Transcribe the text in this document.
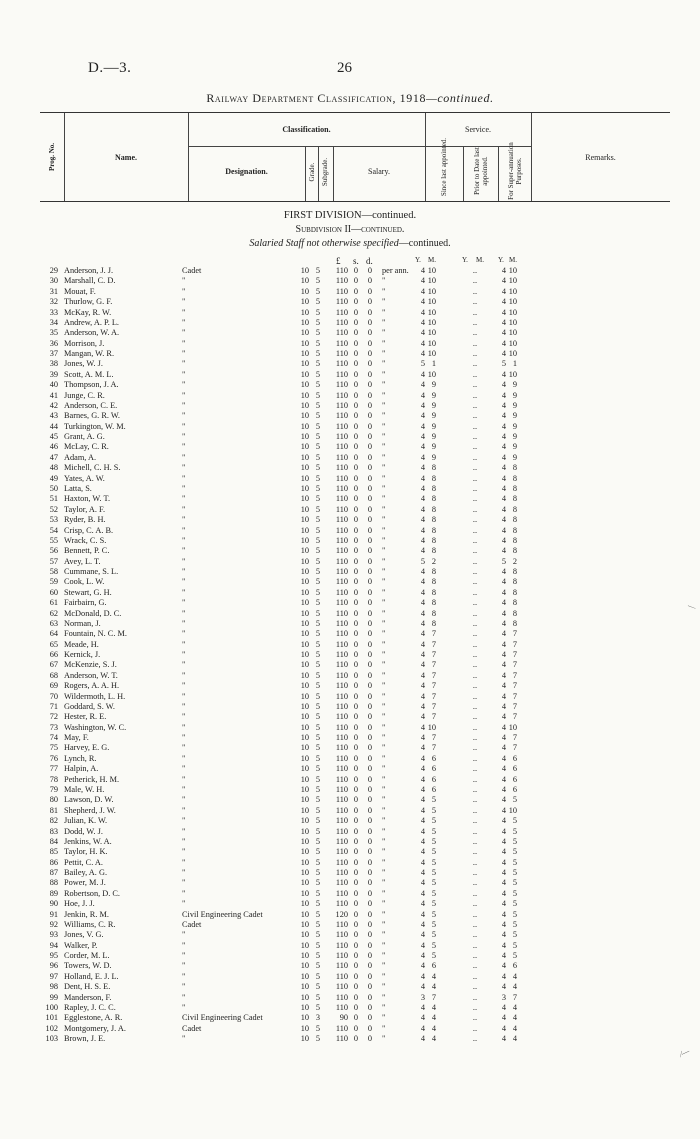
D.—3.	26
Railway Department Classification, 1918—continued.
Prog. No.	Name.
Classification.
Designation.	Grade. Subgrade.	Salary.
Service.
Since last appointed.	Prior to Date last appointed.	For Super-annuation Purposes.	Remarks.
FIRST DIVISION—continued.
Subdivision II—continued.
Salaried Staff not otherwise specified—continued.
£ s. d.	Y. M.	Y. M. Y. M.
29 Anderson, J. J.	Cadet	10 5	110 0 0 per ann.	4 10	..	4 10
30 Marshall, C. D.	"	10 5	110 0 0 "	4 10	..	4 10
31 Mouat, F.	"	10 5	110 0 0 "	4 10	..	4 10
32 Thurlow, G. F.	"	10 5	110 0 0 "	4 10	..	4 10
33 McKay, R. W.	"	10 5	110 0 0 "	4 10	..	4 10
34 Andrew, A. P. L.	"	10 5	110 0 0 "	4 10	..	4 10
35 Anderson, W. A.	"	10 5	110 0 0 "	4 10	..	4 10
36 Morrison, J.	"	10 5	110 0 0 "	4 10	..	4 10
37 Mangan, W. R.	"	10 5	110 0 0 "	4 10	..	4 10
38 Jones, W. J.	"	10 5	110 0 0 "	5 1	..	5 1
39 Scott, A. M. L.	"	10 5	110 0 0 "	4 10	..	4 10
40 Thompson, J. A.	"	10 5	110 0 0 "	4 9	..	4 9
41 Junge, C. R.	"	10 5	110 0 0 "	4 9	..	4 9
42 Anderson, C. E.	"	10 5	110 0 0 "	4 9	..	4 9
43 Barnes, G. R. W.	"	10 5	110 0 0 "	4 9	..	4 9
44 Turkington, W. M.	"	10 5	110 0 0 "	4 9	..	4 9
45 Grant, A. G.	"	10 5	110 0 0 "	4 9	..	4 9
46 McLay, C. R.	"	10 5	110 0 0 "	4 9	..	4 9
47 Adam, A.	"	10 5	110 0 0 "	4 9	..	4 9
48 Michell, C. H. S.	"	10 5	110 0 0 "	4 8	..	4 8
49 Yates, A. W.	"	10 5	110 0 0 "	4 8	..	4 8
50 Latta, S.	"	10 5	110 0 0 "	4 8	..	4 8
51 Haxton, W. T.	"	10 5	110 0 0 "	4 8	..	4 8
52 Taylor, A. F.	"	10 5	110 0 0 "	4 8	..	4 8
53 Ryder, B. H.	"	10 5	110 0 0 "	4 8	..	4 8
54 Crisp, C. A. B.	"	10 5	110 0 0 "	4 8	..	4 8
55 Wrack, C. S.	"	10 5	110 0 0 "	4 8	..	4 8
56 Bennett, P. C.	"	10 5	110 0 0 "	4 8	..	4 8
57 Avey, L. T.	"	10 5	110 0 0 "	5 2	..	5 2
58 Cummane, S. L.	"	10 5	110 0 0 "	4 8	..	4 8
59 Cook, L. W.	"	10 5	110 0 0 "	4 8	..	4 8
60 Stewart, G. H.	"	10 5	110 0 0 "	4 8	..	4 8
61 Fairbairn, G.	"	10 5	110 0 0 "	4 8	..	4 8
62 McDonald, D. C.	"	10 5	110 0 0 "	4 8	..	4 8
63 Norman, J.	"	10 5	110 0 0 "	4 8	..	4 8
64 Fountain, N. C. M.	"	10 5	110 0 0 "	4 7	..	4 7
65 Meade, H.	"	10 5	110 0 0 "	4 7	..	4 7
66 Kernick, J.	"	10 5	110 0 0 "	4 7	..	4 7
67 McKenzie, S. J.	"	10 5	110 0 0 "	4 7	..	4 7
68 Anderson, W. T.	"	10 5	110 0 0 "	4 7	..	4 7
69 Rogers, A. A. H.	"	10 5	110 0 0 "	4 7	..	4 7
70 Wildermoth, L. H.	"	10 5	110 0 0 "	4 7	..	4 7
71 Goddard, S. W.	"	10 5	110 0 0 "	4 7	..	4 7
72 Hester, R. E.	"	10 5	110 0 0 "	4 7	..	4 7
73 Washington, W. C.	"	10 5	110 0 0 "	4 10	..	4 10
74 May, F.	"	10 5	110 0 0 "	4 7	..	4 7
75 Harvey, E. G.	"	10 5	110 0 0 "	4 7	..	4 7
76 Lynch, R.	"	10 5	110 0 0 "	4 6	..	4 6
77 Halpin, A.	"	10 5	110 0 0 "	4 6	..	4 6
78 Petherick, H. M.	"	10 5	110 0 0 "	4 6	..	4 6
79 Male, W. H.	"	10 5	110 0 0 "	4 6	..	4 6
80 Lawson, D. W.	"	10 5	110 0 0 "	4 5	..	4 5
81 Shepherd, J. W.	"	10 5	110 0 0 "	4 5	..	4 10
82 Julian, K. W.	"	10 5	110 0 0 "	4 5	..	4 5
83 Dodd, W. J.	"	10 5	110 0 0 "	4 5	..	4 5
84 Jenkins, W. A.	"	10 5	110 0 0 "	4 5	..	4 5
85 Taylor, H. K.	"	10 5	110 0 0 "	4 5	..	4 5
86 Pettit, C. A.	"	10 5	110 0 0 "	4 5	..	4 5
87 Bailey, A. G.	"	10 5	110 0 0 "	4 5	..	4 5
88 Power, M. J.	"	10 5	110 0 0 "	4 5	..	4 5
89 Robertson, D. C.	"	10 5	110 0 0 "	4 5	..	4 5
90 Hoe, J. J.	"	10 5	110 0 0 "	4 5	..	4 5
91 Jenkin, R. M.	Civil Engineering Cadet	10 5	120 0 0 "	4 5	..	4 5
92 Williams, C. R.	Cadet	10 5	110 0 0 "	4 5	..	4 5
93 Jones, V. G.	"	10 5	110 0 0 "	4 5	..	4 5
94 Walker, P.	"	10 5	110 0 0 "	4 5	..	4 5
95 Corder, M. L.	"	10 5	110 0 0 "	4 5	..	4 5
96 Towers, W. D.	"	10 5	110 0 0 "	4 6	..	4 6
97 Holland, E. J. L.	"	10 5	110 0 0 "	4 4	..	4 4
98 Dent, H. S. E.	"	10 5	110 0 0 "	4 4	..	4 4
99 Manderson, F.	"	10 5	110 0 0 "	3 7	..	3 7
100 Rapley, J. C. C.	"	10 5	110 0 0 "	4 4	..	4 4
101 Egglestone, A. R.	Civil Engineering Cadet	10 3	90 0 0 "	4 4	..	4 4
102 Montgomery, J. A.	Cadet	10 5	110 0 0 "	4 4	..	4 4
103 Brown, J. E.	"	10 5	110 0 0 "	4 4	..	4 4
—
⁄—
